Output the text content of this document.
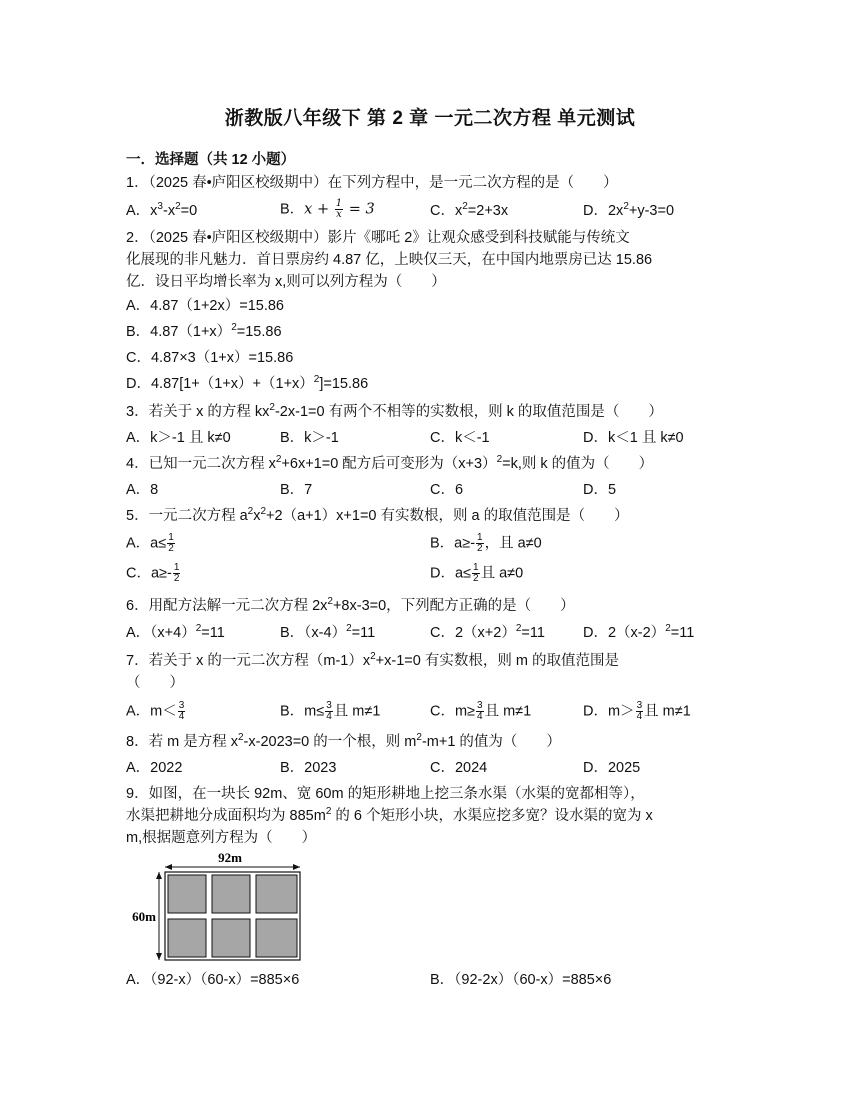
浙教版八年级下 第 2 章 一元二次方程 单元测试
一．选择题（共 12 小题）
1．（2025 春•庐阳区校级期中）在下列方程中，是一元二次方程的是（　　）
A．$x^3-x^2=0$	B．$x + \frac{1}{x} = 3$	C．$x^2=2+3x$	D．$2x^2+y-3=0$
2．（2025 春•庐阳区校级期中）影片《哪吒 2》让观众感受到科技赋能与传统文
化展现的非凡魅力．首日票房约 4.87 亿，上映仅三天，在中国内地票房已达 15.86
亿．设日平均增长率为 x,则可以列方程为（　　）
A．4.87（1+2x）=15.86
B．$4.87(1+x)^2=15.86$
C．4.87×3（1+x）=15.86
D．$4.87[1+(1+x)+(1+x)^2]=15.86$
3．若关于 x 的方程 $kx^2-2x-1=0$ 有两个不相等的实数根，则 k 的取值范围是（　　）
A．k＞-1 且 k≠0	B．k＞-1	C．k＜-1	D．k＜1 且 k≠0
4．已知一元二次方程 $x^2+6x+1=0$ 配方后可变形为$(x+3)^2=k$,则 k 的值为（　　）
A．8	B．7	C．6	D．5
5．一元二次方程 $a^2x^2+2(a+1)x+1=0$ 有实数根，则 a 的取值范围是（　　）
A．$a\le \frac{1}{2}$	B．$a\ge- \frac{1}{2}$ ，且 a≠0
C．$a\ge- \frac{1}{2}$	D．$a\le \frac{1}{2}$ 且 a≠0
6．用配方法解一元二次方程 $2x^2+8x-3=0$，下列配方正确的是（　　）
A．$(x+4)^2=11$	B．$(x-4)^2=11$	C．$2(x+2)^2=11$	D．$2(x-2)^2=11$
7．若关于 x 的一元二次方程$(m-1)x^2+x-1=0$ 有实数根，则 m 的取值范围是
（　　）
A．$m< \frac{3}{4}$	B．$m\le \frac{3}{4}$ 且 m≠1	C．$m\ge \frac{3}{4}$ 且 m≠1	D．$m> \frac{3}{4}$ 且 m≠1
8．若 m 是方程 $x^2-x-2023=0$ 的一个根，则 $m^2-m+1$ 的值为（　　）
A．2022	B．2023	C．2024	D．2025
9．如图，在一块长 92m、宽 60m 的矩形耕地上挖三条水渠（水渠的宽都相等），
水渠把耕地分成面积均为 $885m^2$ 的 6 个矩形小块，水渠应挖多宽？设水渠的宽为 x
m,根据题意列方程为（　　）
92m
60m
A．（92-x）（60-x）=885×6	B．（92-2x）（60-x）=885×6
